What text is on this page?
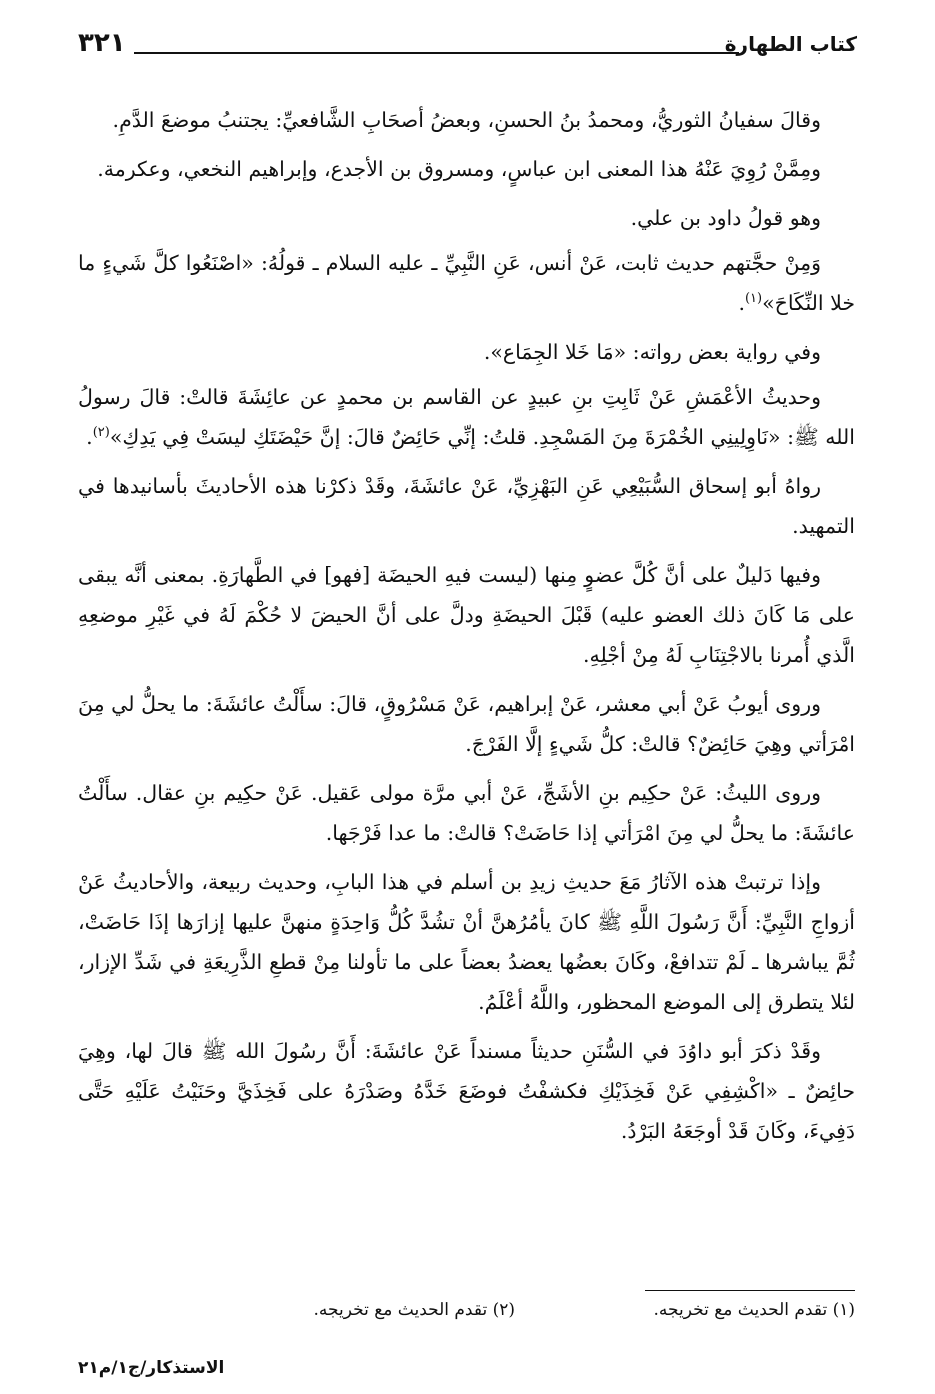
كتاب الطهارة
٣٢١

وقالَ سفيانُ الثوريُّ، ومحمدُ بنُ الحسنِ، وبعضُ أصحَابِ الشَّافعيِّ: يجتنبُ موضعَ الدَّمِ.

ومِمَّنْ رُوِيَ عَنْهُ هذا المعنى ابن عباسٍ، ومسروق بن الأجدع، وإبراهيم النخعي، وعكرمة.

وهو قولُ داود بن علي.

وَمِنْ حجَّتهم حديث ثابت، عَنْ أنس، عَنِ النَّبِيِّ ـ عليه السلام ـ قولُهُ: «اصْنَعُوا كلَّ شَيءٍ ما خلا النِّكَاحَ»$^{(١)}$.

وفي رواية بعض رواته: «مَا خَلا الجِمَاع».

وحديثُ الأعْمَشِ عَنْ ثَابِتِ بنِ عبيدٍ عن القاسم بن محمدٍ عن عائِشَةَ قالتْ: قالَ رسولُ الله ﷺ: «نَاوِلِينِي الخُمْرَةَ مِنَ المَسْجِدِ. قلتُ: إنِّي حَائِضٌ قالَ: إنَّ حَيْضَتَكِ ليسَتْ فِي يَدِكِ»$^{(٢)}$.

رواهُ أبو إسحاق السُّبَيْعِي عَنِ البَهْزِيِّ، عَنْ عائشَةَ، وقَدْ ذكرْنا هذه الأحاديثَ بأسانيدها في التمهيد.

وفيها دَليلٌ على أنَّ كُلَّ عضوٍ مِنها (ليست فيهِ الحيضَة [فهو] في الطَّهارَةِ. بمعنى أنَّه يبقى على مَا كَانَ ذلك العضو عليه) قَبْلَ الحيضَةِ ودلَّ على أنَّ الحيضَ لا حُكْمَ لَهُ في غَيْرِ موضعِهِ الَّذي أُمرنا بالاجْتِنَابِ لَهُ مِنْ أجْلِهِ.

وروى أيوبُ عَنْ أبي معشر، عَنْ إبراهيم، عَنْ مَسْرُوقٍ، قالَ: سأَلْتُ عائشَةَ: ما يحلُّ لي مِنَ امْرَأتي وهِيَ حَائِضٌ؟ قالتْ: كلُّ شَيءٍ إلَّا الفَرْجَ.

وروى الليثُ: عَنْ حكِيم بنِ الأشَجِّ، عَنْ أبي مرَّة مولى عَقيل. عَنْ حكِيم بنِ عقال. سأَلْتُ عائشَةَ: ما يحلُّ لي مِنَ امْرَأتي إذا حَاضَتْ؟ قالتْ: ما عدا فَرْجَها.

وإذا ترتبتْ هذه الآثارُ مَعَ حديثِ زيدِ بن أسلم في هذا البابِ، وحديث ربيعة، والأحاديثُ عَنْ أزواجِ النَّبِيِّ: أَنَّ رَسُولَ اللَّهِ ﷺ كانَ يأمُرُهنَّ أنْ تشُدَّ كُلُّ وَاحِدَةٍ منهنَّ عليها إزارَها إذَا حَاضَتْ، ثُمَّ يباشرها ـ لَمْ تتدافعْ، وكَانَ بعضُها يعضدُ بعضاً على ما تأولنا مِنْ قطعِ الذَّرِيعَةِ في شَدِّ الإزار، لئلا يتطرق إلى الموضع المحظور، واللَّهُ أعْلَمُ.

وقَدْ ذكرَ أبو داوُدَ في السُّنَنِ حديثاً مسنداً عَنْ عائشَةَ: أَنَّ رسُولَ الله ﷺ قالَ لها، وهِيَ حائِضٌ ـ «اكْشِفِي عَنْ فَخِذَيْكِ فكشفْتُ فوضَعَ خَدَّهُ وصَدْرَهُ على فَخِذَيَّ وحَنَيْتُ عَلَيْهِ حَتَّى دَفِيءَ، وكَانَ قَدْ أوجَعَهُ البَرْدُ.

(١) تقدم الحديث مع تخريجه.
(٢) تقدم الحديث مع تخريجه.
الاستذكار/ج١/م٢١
